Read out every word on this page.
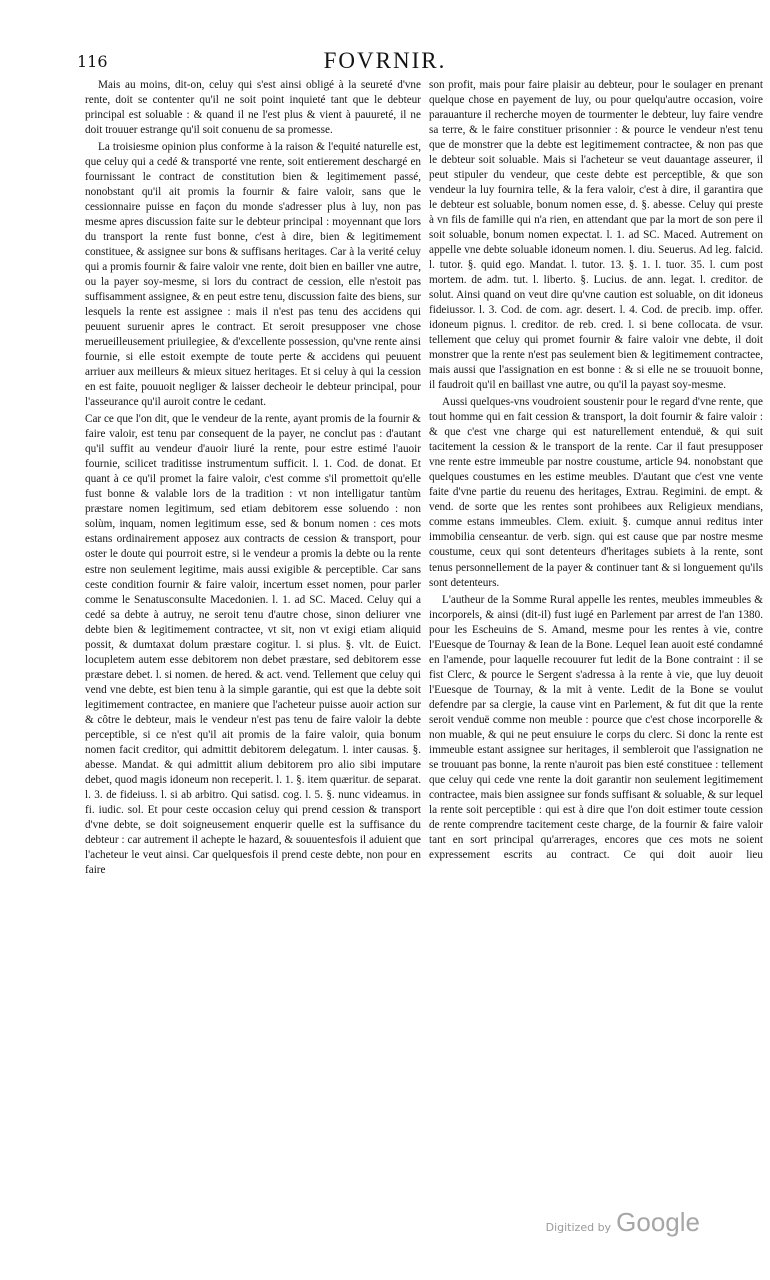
116	FOVRNIR.

Mais au moins, dit-on, celuy qui s'est ainsi obligé à la seureté d'vne rente, doit se contenter qu'il ne soit point inquieté tant que le debteur principal est soluable : & quand il ne l'est plus & vient à pauureté, il ne doit trouuer estrange qu'il soit conuenu de sa promesse.

La troisiesme opinion plus conforme à la raison & l'equité naturelle est, que celuy qui a cedé & transporté vne rente, soit entierement deschargé en fournissant le contract de constitution bien & legitimement passé, nonobstant qu'il ait promis la fournir & faire valoir, sans que le cessionnaire puisse en façon du monde s'adresser plus à luy, non pas mesme apres discussion faite sur le debteur principal : moyennant que lors du transport la rente fust bonne, c'est à dire, bien & legitimement constituee, & assignee sur bons & suffisans heritages. Car à la verité celuy qui a promis fournir & faire valoir vne rente, doit bien en bailler vne autre, ou la payer soy-mesme, si lors du contract de cession, elle n'estoit pas suffisamment assignee, & en peut estre tenu, discussion faite des biens, sur lesquels la rente est assignee : mais il n'est pas tenu des accidens qui peuuent suruenir apres le contract. Et seroit presupposer vne chose merueilleusement priuilegiee, & d'excellente possession, qu'vne rente ainsi fournie, si elle estoit exempte de toute perte & accidens qui peuuent arriuer aux meilleurs & mieux situez heritages. Et si celuy à qui la cession en est faite, pouuoit negliger & laisser decheoir le debteur principal, pour l'asseurance qu'il auroit contre le cedant.

Car ce que l'on dit, que le vendeur de la rente, ayant promis de la fournir & faire valoir, est tenu par consequent de la payer, ne conclut pas : d'autant qu'il suffit au vendeur d'auoir liuré la rente, pour estre estimé l'auoir fournie, scilicet traditisse instrumentum sufficit. l. 1. Cod. de donat. Et quant à ce qu'il promet la faire valoir, c'est comme s'il promettoit qu'elle fust bonne & valable lors de la tradition : vt non intelligatur tantùm præstare nomen legitimum, sed etiam debitorem esse soluendo : non solùm, inquam, nomen legitimum esse, sed & bonum nomen : ces mots estans ordinairement apposez aux contracts de cession & transport, pour oster le doute qui pourroit estre, si le vendeur a promis la debte ou la rente estre non seulement legitime, mais aussi exigible & perceptible. Car sans ceste condition fournir & faire valoir, incertum esset nomen, pour parler comme le Senatusconsulte Macedonien. l. 1. ad SC. Maced. Celuy qui a cedé sa debte à autruy, ne seroit tenu d'autre chose, sinon deliurer vne debte bien & legitimement contractee, vt sit, non vt exigi etiam aliquid possit, & dumtaxat dolum præstare cogitur. l. si plus. §. vlt. de Euict. locupletem autem esse debitorem non debet præstare, sed debitorem esse præstare debet. l. si nomen. de hered. & act. vend. Tellement que celuy qui vend vne debte, est bien tenu à la simple garantie, qui est que la debte soit legitimement contractee, en maniere que l'acheteur puisse auoir action sur & côtre le debteur, mais le vendeur n'est pas tenu de faire valoir la debte perceptible, si ce n'est qu'il ait promis de la faire valoir, quia bonum nomen facit creditor, qui admittit debitorem delegatum. l. inter causas. §. abesse. Mandat. & qui admittit alium debitorem pro alio sibi imputare debet, quod magis idoneum non receperit. l. 1. §. item quæritur. de separat. l. 3. de fideiuss. l. si ab arbitro. Qui satisd. cog. l. 5. §. nunc videamus. in fi. iudic. sol. Et pour ceste occasion celuy qui prend cession & transport d'vne debte, se doit soigneusement enquerir quelle est la suffisance du debteur : car autrement il achepte le hazard, & souuentesfois il aduient que l'acheteur le veut ainsi. Car quelquesfois il prend ceste debte, non pour en faire

son profit, mais pour faire plaisir au debteur, pour le soulager en prenant quelque chose en payement de luy, ou pour quelqu'autre occasion, voire parauanture il recherche moyen de tourmenter le debteur, luy faire vendre sa terre, & le faire constituer prisonnier : & pource le vendeur n'est tenu que de monstrer que la debte est legitimement contractee, & non pas que le debteur soit soluable. Mais si l'acheteur se veut dauantage asseurer, il peut stipuler du vendeur, que ceste debte est perceptible, & que son vendeur la luy fournira telle, & la fera valoir, c'est à dire, il garantira que le debteur est soluable, bonum nomen esse, d. §. abesse. Celuy qui preste à vn fils de famille qui n'a rien, en attendant que par la mort de son pere il soit soluable, bonum nomen expectat. l. 1. ad SC. Maced. Autrement on appelle vne debte soluable idoneum nomen. l. diu. Seuerus. Ad leg. falcid. l. tutor. §. quid ego. Mandat. l. tutor. 13. §. 1. l. tuor. 35. l. cum post mortem. de adm. tut. l. liberto. §. Lucius. de ann. legat. l. creditor. de solut. Ainsi quand on veut dire qu'vne caution est soluable, on dit idoneus fideiussor. l. 3. Cod. de com. agr. desert. l. 4. Cod. de precib. imp. offer. idoneum pignus. l. creditor. de reb. cred. l. si bene collocata. de vsur. tellement que celuy qui promet fournir & faire valoir vne debte, il doit monstrer que la rente n'est pas seulement bien & legitimement contractee, mais aussi que l'assignation en est bonne : & si elle ne se trouuoit bonne, il faudroit qu'il en baillast vne autre, ou qu'il la payast soy-mesme.

Aussi quelques-vns voudroient soustenir pour le regard d'vne rente, que tout homme qui en fait cession & transport, la doit fournir & faire valoir : & que c'est vne charge qui est naturellement entenduë, & qui suit tacitement la cession & le transport de la rente. Car il faut presupposer vne rente estre immeuble par nostre coustume, article 94. nonobstant que quelques coustumes en les estime meubles. D'autant que c'est vne vente faite d'vne partie du reuenu des heritages, Extrau. Regimini. de empt. & vend. de sorte que les rentes sont prohibees aux Religieux mendians, comme estans immeubles. Clem. exiuit. §. cumque annui reditus inter immobilia censeantur. de verb. sign. qui est cause que par nostre mesme coustume, ceux qui sont detenteurs d'heritages subiets à la rente, sont tenus personnellement de la payer & continuer tant & si longuement qu'ils sont detenteurs.

L'autheur de la Somme Rural appelle les rentes, meubles immeubles & incorporels, & ainsi (dit-il) fust iugé en Parlement par arrest de l'an 1380. pour les Escheuins de S. Amand, mesme pour les rentes à vie, contre l'Euesque de Tournay & Iean de la Bone. Lequel Iean auoit esté condamné en l'amende, pour laquelle recouurer fut ledit de la Bone contraint : il se fist Clerc, & pource le Sergent s'adressa à la rente à vie, que luy deuoit l'Euesque de Tournay, & la mit à vente. Ledit de la Bone se voulut defendre par sa clergie, la cause vint en Parlement, & fut dit que la rente seroit venduë comme non meuble : pource que c'est chose incorporelle & non muable, & qui ne peut ensuiure le corps du clerc. Si donc la rente est immeuble estant assignee sur heritages, il sembleroit que l'assignation ne se trouuant pas bonne, la rente n'auroit pas bien esté constituee : tellement que celuy qui cede vne rente la doit garantir non seulement legitimement contractee, mais bien assignee sur fonds suffisant & soluable, & sur lequel la rente soit perceptible : qui est à dire que l'on doit estimer toute cession de rente comprendre tacitement ceste charge, de la fournir & faire valoir tant en sort principal qu'arrerages, encores que ces mots ne soient expressement escrits au contract. Ce qui doit auoir lieu

Digitized by Google
